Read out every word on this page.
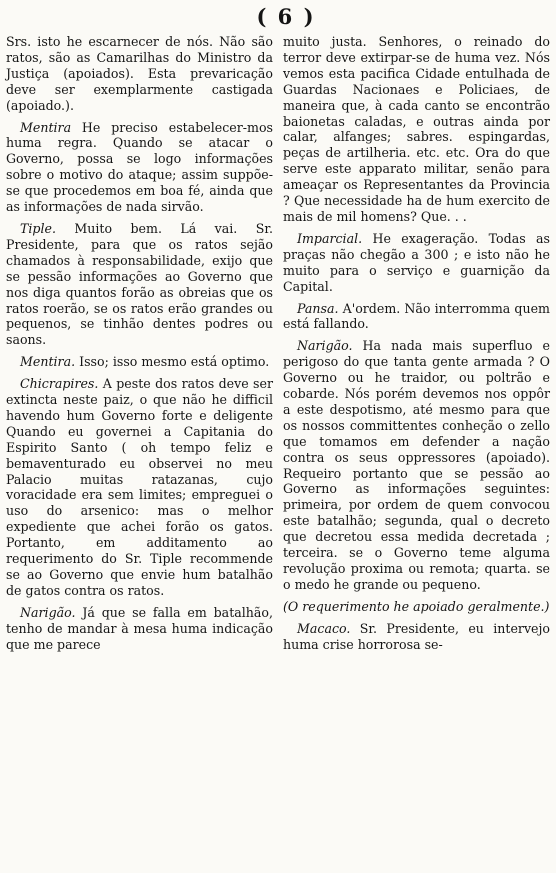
( 6 )

Srs. isto he escarnecer de nós. Não são ratos, são as Camarilhas do Ministro da Justiça (apoiados). Esta prevaricação deve ser exemplarmente castigada (apoiado.).

Mentira He preciso estabelecer-mos huma regra. Quando se atacar o Governo, possa se logo informações sobre o motivo do ataque; assim suppõe-se que procedemos em boa fé, ainda que as informações de nada sirvão.

Tiple. Muito bem. Lá vai. Sr. Presidente, para que os ratos sejão chamados à responsabilidade, exijo que se pessão informações ao Governo que nos diga quantos forão as obreias que os ratos roerão, se os ratos erão grandes ou pequenos, se tinhão dentes podres ou saons.

Mentira. Isso; isso mesmo está optimo.

Chicrapires. A peste dos ratos deve ser extincta neste paiz, o que não he difficil havendo hum Governo forte e deligente Quando eu governei a Capitania do Espirito Santo ( oh tempo feliz e bemaventurado eu observei no meu Palacio muitas ratazanas, cujo voracidade era sem limites; empreguei o uso do arsenico: mas o melhor expediente que achei forão os gatos. Portanto, em additamento ao requerimento do Sr. Tiple recommende se ao Governo que envie hum batalhão de gatos contra os ratos.

Narigão. Já que se falla em batalhão, tenho de mandar à mesa huma indicação que me parece

muito justa. Senhores, o reinado do terror deve extirpar-se de huma vez. Nós vemos esta pacifica Cidade entulhada de Guardas Nacionaes e Policiaes, de maneira que, à cada canto se encontrão baionetas caladas, e outras ainda por calar, alfanges; sabres. espingardas, peças de artilheria. etc. etc. Ora do que serve este apparato militar, senão para ameaçar os Representantes da Provincia ? Que necessidade ha de hum exercito de mais de mil homens? Que. . .

Imparcial. He exageração. Todas as praças não chegão a 300 ; e isto não he muito para o serviço e guarnição da Capital.

Pansa. A'ordem. Não interromma quem está fallando.

Narigão. Ha nada mais superfluo e perigoso do que tanta gente armada ? O Governo ou he traidor, ou poltrão e cobarde. Nós porém devemos nos oppôr a este despotismo, até mesmo para que os nossos committentes conheção o zello que tomamos em defender a nação contra os seus oppressores (apoiado). Requeiro portanto que se pessão ao Governo as informações seguintes: primeira, por ordem de quem convocou este batalhão; segunda, qual o decreto que decretou essa medida decretada ; terceira. se o Governo teme alguma revolução proxima ou remota; quarta. se o medo he grande ou pequeno.

(O requerimento he apoiado geralmente.)

Macaco. Sr. Presidente, eu intervejo huma crise horrorosa se-
